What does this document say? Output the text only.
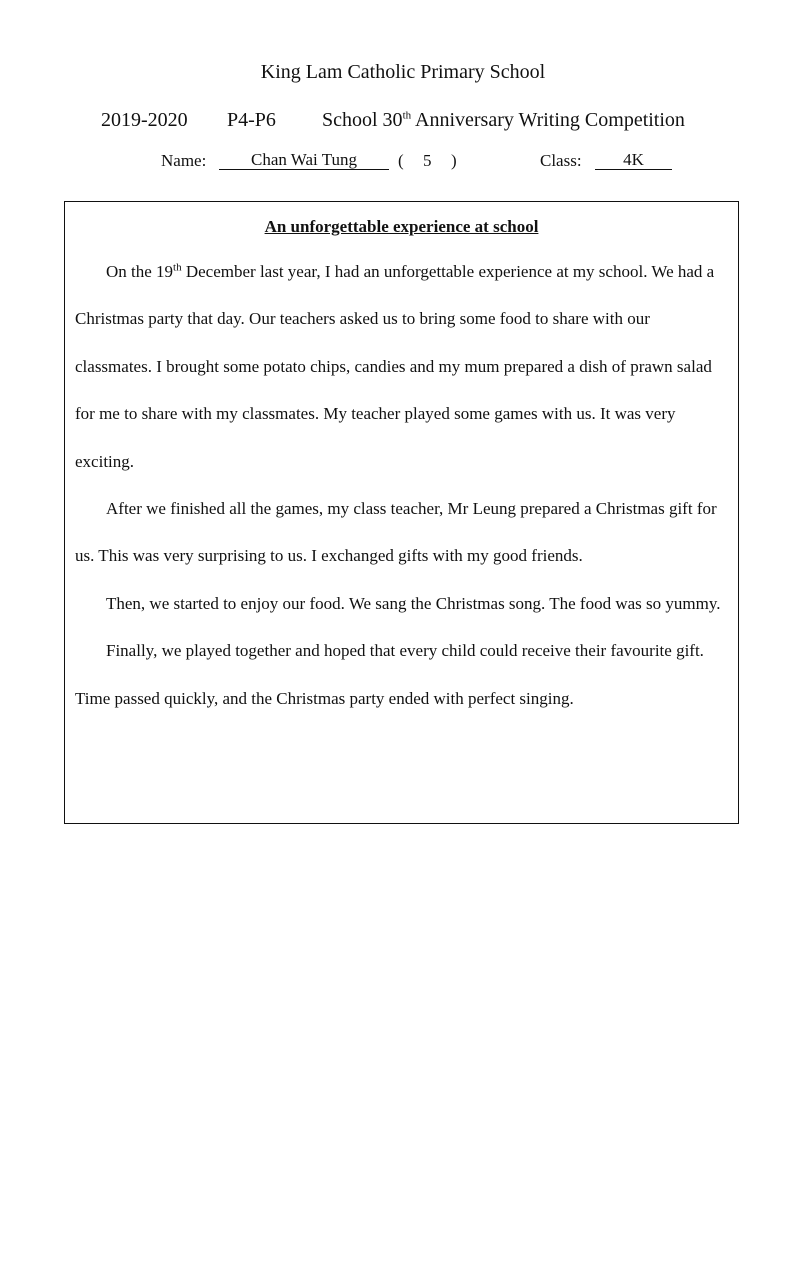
King Lam Catholic Primary School
2019-2020 P4-P6 School 30th Anniversary Writing Competition
Name:	Chan Wai Tung	( 5 )	Class:	4K
An unforgettable experience at school

On the 19th December last year, I had an unforgettable experience at my school. We had a Christmas party that day. Our teachers asked us to bring some food to share with our classmates. I brought some potato chips, candies and my mum prepared a dish of prawn salad for me to share with my classmates. My teacher played some games with us. It was very exciting.

After we finished all the games, my class teacher, Mr Leung prepared a Christmas gift for us. This was very surprising to us. I exchanged gifts with my good friends.

Then, we started to enjoy our food. We sang the Christmas song. The food was so yummy.

Finally, we played together and hoped that every child could receive their favourite gift. Time passed quickly, and the Christmas party ended with perfect singing.
